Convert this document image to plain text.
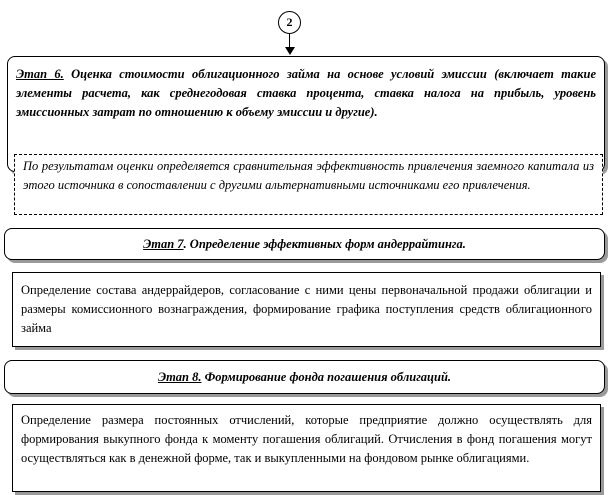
2
Этап 6. Оценка стоимости облигационного займа на основе условий эмиссии (включает такие элементы расчета, как среднегодовая ставка процента, ставка налога на прибыль, уровень эмиссионных затрат по отношению к объему эмиссии и другие).
По результатам оценки определяется сравнительная эффективность привлечения заемного капитала из этого источника в сопоставлении с другими альтернативными источниками его привлечения.
Этап 7. Определение эффективных форм андеррайтинга.
Определение состава андеррайдеров, согласование с ними цены первоначальной продажи облигации и размеры комиссионного вознаграждения, формирование графика поступления средств облигационного займа
Этап 8. Формирование фонда погашения облигаций.
Определение размера постоянных отчислений, которые предприятие должно осуществлять для формирования выкупного фонда к моменту погашения облигаций. Отчисления в фонд погашения могут осуществляться как в денежной форме, так и выкупленными на фондовом рынке облигациями.
